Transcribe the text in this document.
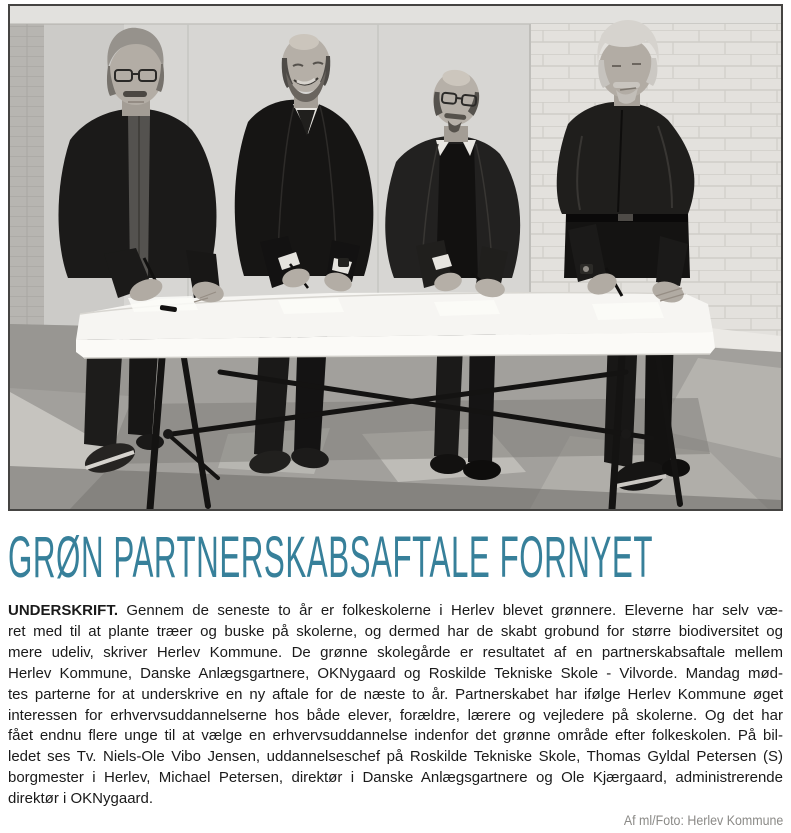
GRØN PARTNERSKABSAFTALE FORNYET
UNDERSKRIFT. Gennem de seneste to år er folkeskolerne i Herlev blevet grønnere. Eleverne har selv væ-
ret med til at plante træer og buske på skolerne, og dermed har de skabt grobund for større biodiversitet og
mere udeliv, skriver Herlev Kommune. De grønne skolegårde er resultatet af en partnerskabsaftale mellem
Herlev Kommune, Danske Anlægsgartnere, OKNygaard og Roskilde Tekniske Skole - Vilvorde. Mandag mød-
tes parterne for at underskrive en ny aftale for de næste to år. Partnerskabet har ifølge Herlev Kommune øget
interessen for erhvervsuddannelserne hos både elever, forældre, lærere og vejledere på skolerne. Og det har
fået endnu flere unge til at vælge en erhvervsuddannelse indenfor det grønne område efter folkeskolen. På bil-
ledet ses Tv. Niels-Ole Vibo Jensen, uddannelseschef på Roskilde Tekniske Skole, Thomas Gyldal Petersen (S)
borgmester i Herlev, Michael Petersen, direktør i Danske Anlægsgartnere og Ole Kjærgaard, administrerende
direktør i OKNygaard.
Af ml/Foto: Herlev Kommune
